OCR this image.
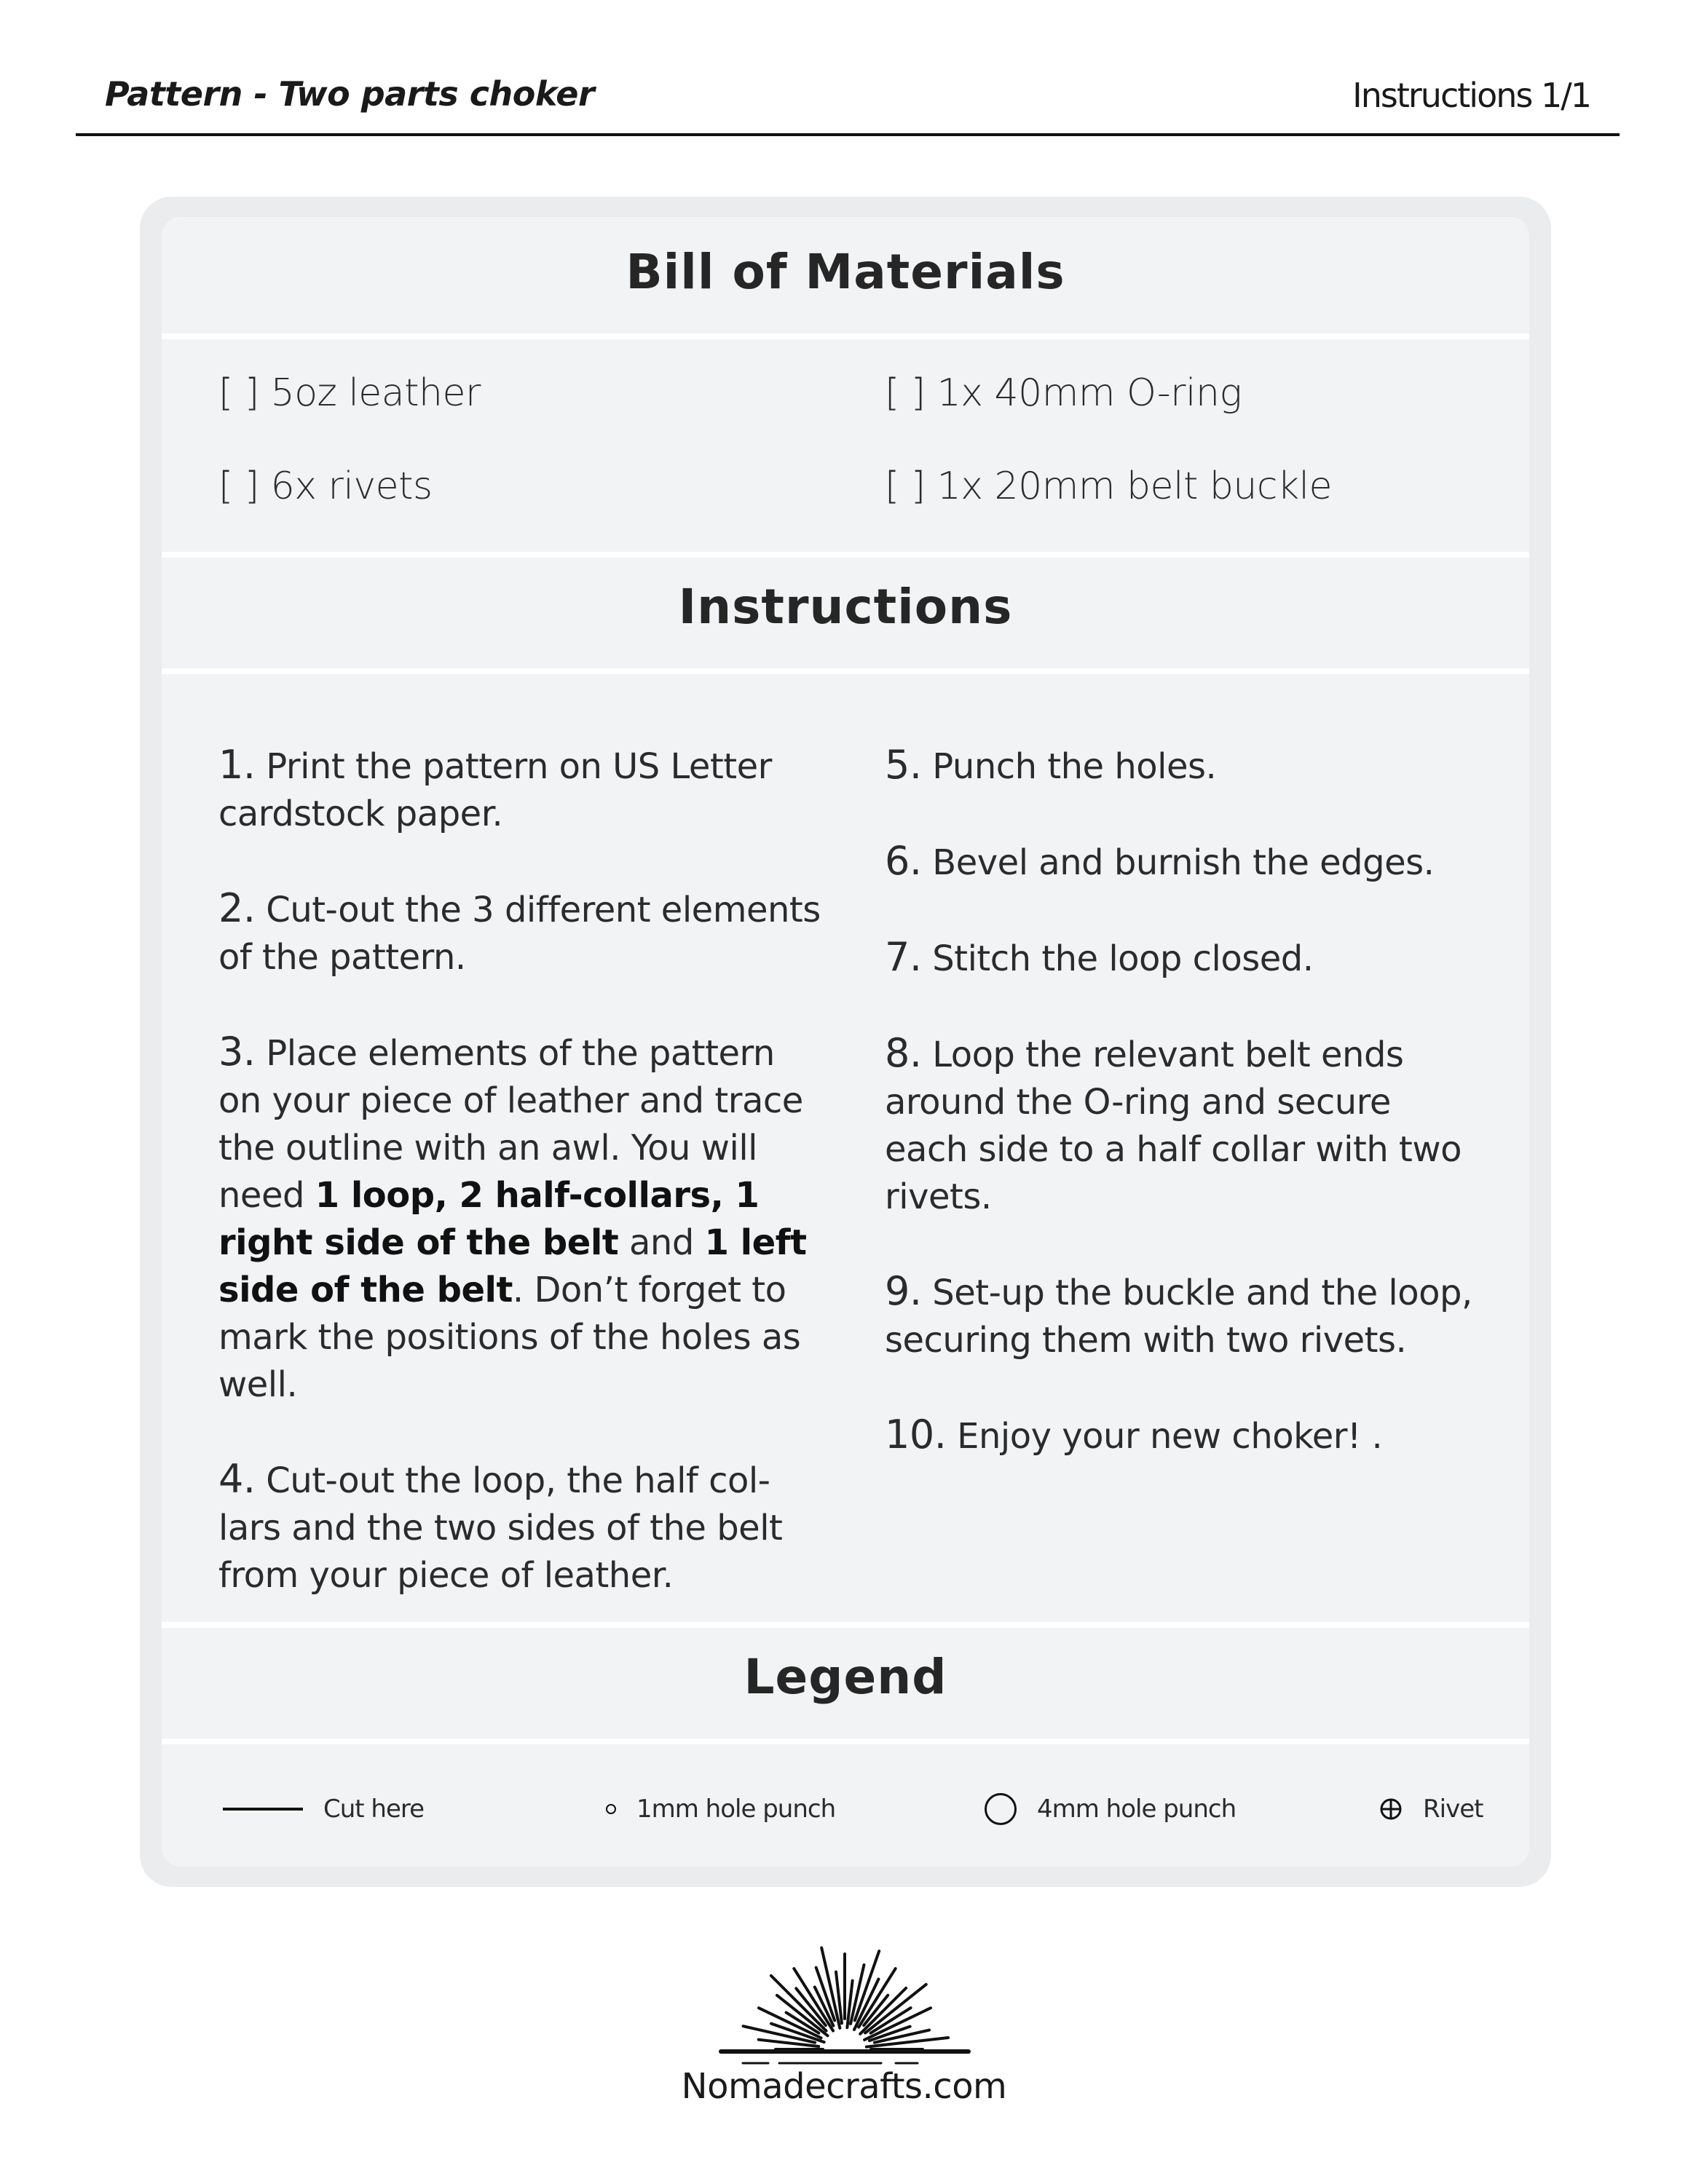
Pattern - Two parts choker	Instructions 1/1
Bill of Materials
[ ] 5oz leather	[ ] 1x 40mm O-ring
[ ] 6x rivets	[ ] 1x 20mm belt buckle
Instructions
1. Print the pattern on US Letter cardstock paper.
2. Cut-out the 3 different elements of the pattern.
3. Place elements of the pattern on your piece of leather and trace the outline with an awl. You will need 1 loop, 2 half-collars, 1 right side of the belt and 1 left side of the belt. Don’t forget to mark the positions of the holes as well.
4. Cut-out the loop, the half col-lars and the two sides of the belt from your piece of leather.
5. Punch the holes.
6. Bevel and burnish the edges.
7. Stitch the loop closed.
8. Loop the relevant belt ends around the O-ring and secure each side to a half collar with two rivets.
9. Set-up the buckle and the loop, securing them with two rivets.
10. Enjoy your new choker! .
Legend
Cut here	1mm hole punch	4mm hole punch	Rivet
Nomadecrafts.com
